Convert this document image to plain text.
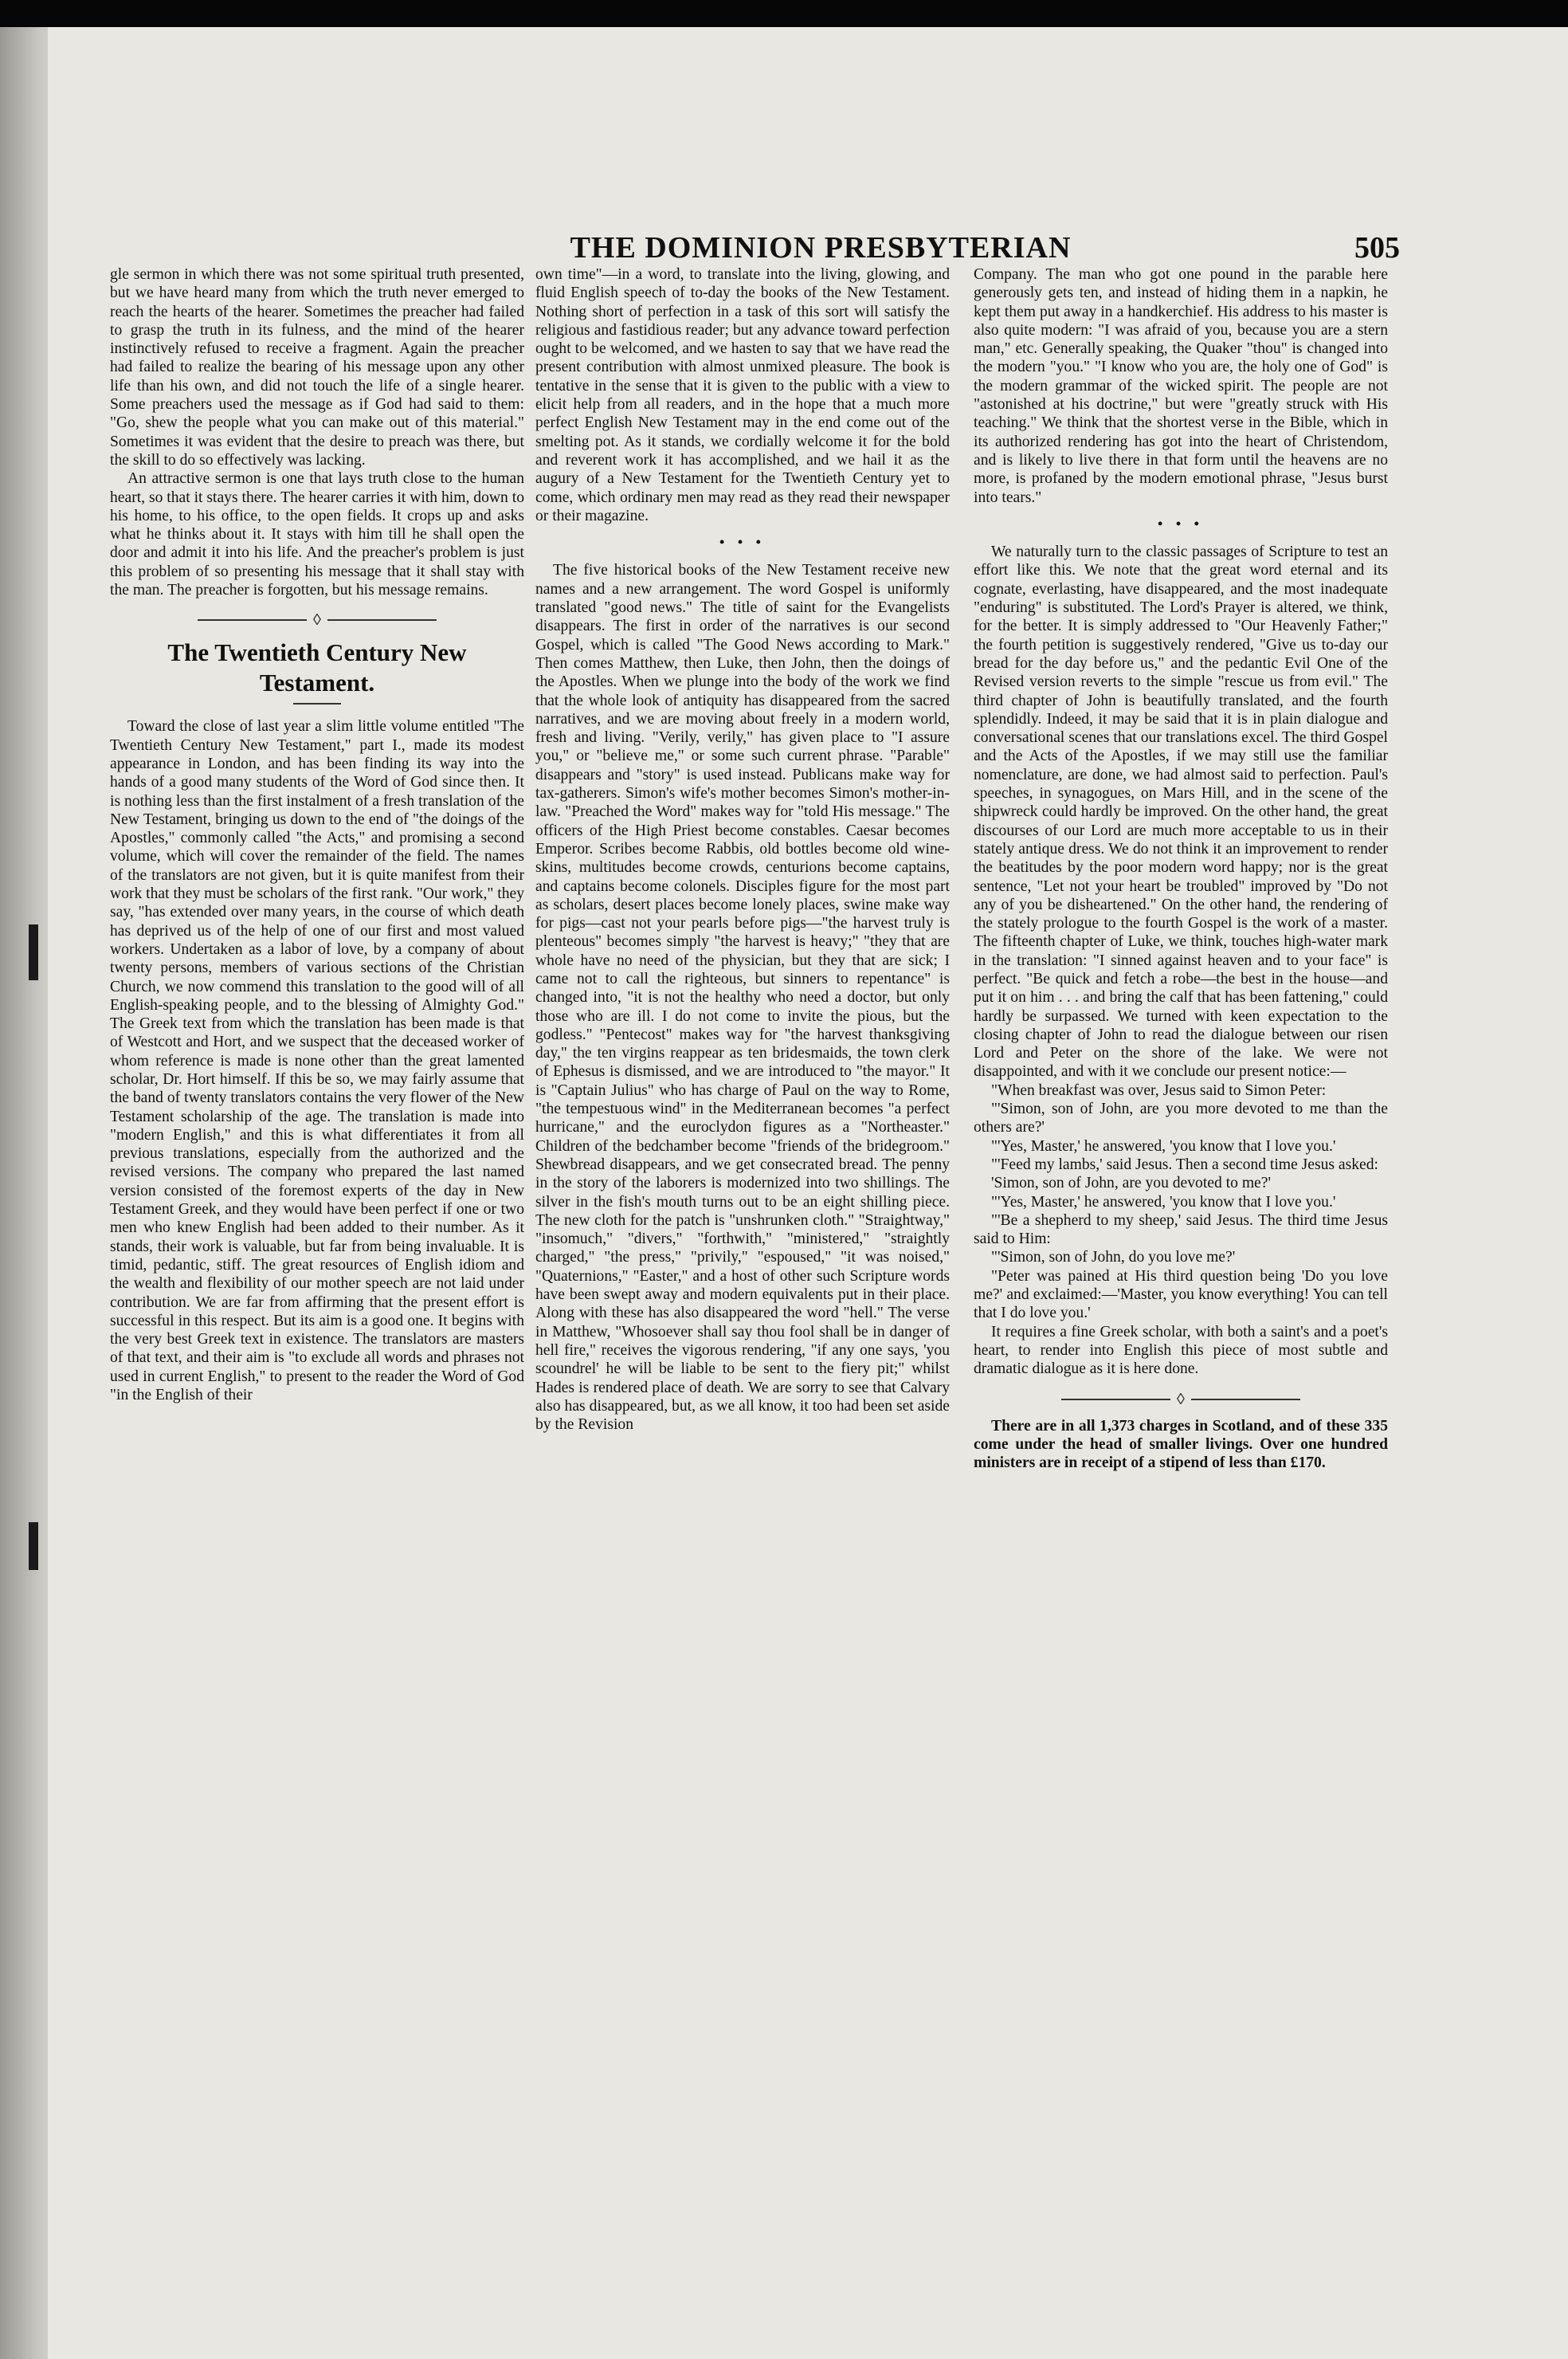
THE DOMINION PRESBYTERIAN	505

gle sermon in which there was not some spiritual truth presented, but we have heard many from which the truth never emerged to reach the hearts of the hearer. Sometimes the preacher had failed to grasp the truth in its fulness, and the mind of the hearer instinctively refused to receive a fragment. Again the preacher had failed to realize the bearing of his message upon any other life than his own, and did not touch the life of a single hearer. Some preachers used the message as if God had said to them: "Go, shew the people what you can make out of this material." Sometimes it was evident that the desire to preach was there, but the skill to do so effectively was lacking.

An attractive sermon is one that lays truth close to the human heart, so that it stays there. The hearer carries it with him, down to his home, to his office, to the open fields. It crops up and asks what he thinks about it. It stays with him till he shall open the door and admit it into his life. And the preacher's problem is just this problem of so presenting his message that it shall stay with the man. The preacher is forgotten, but his message remains.

◊
The Twentieth Century New Testament.

Toward the close of last year a slim little volume entitled "The Twentieth Century New Testament," part I., made its modest appearance in London, and has been finding its way into the hands of a good many students of the Word of God since then. It is nothing less than the first instalment of a fresh translation of the New Testament, bringing us down to the end of "the doings of the Apostles," commonly called "the Acts," and promising a second volume, which will cover the remainder of the field. The names of the translators are not given, but it is quite manifest from their work that they must be scholars of the first rank. "Our work," they say, "has extended over many years, in the course of which death has deprived us of the help of one of our first and most valued workers. Undertaken as a labor of love, by a company of about twenty persons, members of various sections of the Christian Church, we now commend this translation to the good will of all English-speaking people, and to the blessing of Almighty God." The Greek text from which the translation has been made is that of Westcott and Hort, and we suspect that the deceased worker of whom reference is made is none other than the great lamented scholar, Dr. Hort himself. If this be so, we may fairly assume that the band of twenty translators contains the very flower of the New Testament scholarship of the age. The translation is made into "modern English," and this is what differentiates it from all previous translations, especially from the authorized and the revised versions. The company who prepared the last named version consisted of the foremost experts of the day in New Testament Greek, and they would have been perfect if one or two men who knew English had been added to their number. As it stands, their work is valuable, but far from being invaluable. It is timid, pedantic, stiff. The great resources of English idiom and the wealth and flexibility of our mother speech are not laid under contribution. We are far from affirming that the present effort is successful in this respect. But its aim is a good one. It begins with the very best Greek text in existence. The translators are masters of that text, and their aim is "to exclude all words and phrases not used in current English," to present to the reader the Word of God "in the English of their

own time"—in a word, to translate into the living, glowing, and fluid English speech of to-day the books of the New Testament. Nothing short of perfection in a task of this sort will satisfy the religious and fastidious reader; but any advance toward perfection ought to be welcomed, and we hasten to say that we have read the present contribution with almost unmixed pleasure. The book is tentative in the sense that it is given to the public with a view to elicit help from all readers, and in the hope that a much more perfect English New Testament may in the end come out of the smelting pot. As it stands, we cordially welcome it for the bold and reverent work it has accomplished, and we hail it as the augury of a New Testament for the Twentieth Century yet to come, which ordinary men may read as they read their newspaper or their magazine.

• • •

The five historical books of the New Testament receive new names and a new arrangement. The word Gospel is uniformly translated "good news." The title of saint for the Evangelists disappears. The first in order of the narratives is our second Gospel, which is called "The Good News according to Mark." Then comes Matthew, then Luke, then John, then the doings of the Apostles. When we plunge into the body of the work we find that the whole look of antiquity has disappeared from the sacred narratives, and we are moving about freely in a modern world, fresh and living. "Verily, verily," has given place to "I assure you," or "believe me," or some such current phrase. "Parable" disappears and "story" is used instead. Publicans make way for tax-gatherers. Simon's wife's mother becomes Simon's mother-in-law. "Preached the Word" makes way for "told His message." The officers of the High Priest become constables. Caesar becomes Emperor. Scribes become Rabbis, old bottles become old wine-skins, multitudes become crowds, centurions become captains, and captains become colonels. Disciples figure for the most part as scholars, desert places become lonely places, swine make way for pigs—cast not your pearls before pigs—"the harvest truly is plenteous" becomes simply "the harvest is heavy;" "they that are whole have no need of the physician, but they that are sick; I came not to call the righteous, but sinners to repentance" is changed into, "it is not the healthy who need a doctor, but only those who are ill. I do not come to invite the pious, but the godless." "Pentecost" makes way for "the harvest thanksgiving day," the ten virgins reappear as ten bridesmaids, the town clerk of Ephesus is dismissed, and we are introduced to "the mayor." It is "Captain Julius" who has charge of Paul on the way to Rome, "the tempestuous wind" in the Mediterranean becomes "a perfect hurricane," and the euroclydon figures as a "Northeaster." Children of the bedchamber become "friends of the bridegroom." Shewbread disappears, and we get consecrated bread. The penny in the story of the laborers is modernized into two shillings. The silver in the fish's mouth turns out to be an eight shilling piece. The new cloth for the patch is "unshrunken cloth." "Straightway," "insomuch," "divers," "forthwith," "ministered," "straightly charged," "the press," "privily," "espoused," "it was noised," "Quaternions," "Easter," and a host of other such Scripture words have been swept away and modern equivalents put in their place. Along with these has also disappeared the word "hell." The verse in Matthew, "Whosoever shall say thou fool shall be in danger of hell fire," receives the vigorous rendering, "if any one says, 'you scoundrel' he will be liable to be sent to the fiery pit;" whilst Hades is rendered place of death. We are sorry to see that Calvary also has disappeared, but, as we all know, it too had been set aside by the Revision

Company. The man who got one pound in the parable here generously gets ten, and instead of hiding them in a napkin, he kept them put away in a handkerchief. His address to his master is also quite modern: "I was afraid of you, because you are a stern man," etc. Generally speaking, the Quaker "thou" is changed into the modern "you." "I know who you are, the holy one of God" is the modern grammar of the wicked spirit. The people are not "astonished at his doctrine," but were "greatly struck with His teaching." We think that the shortest verse in the Bible, which in its authorized rendering has got into the heart of Christendom, and is likely to live there in that form until the heavens are no more, is profaned by the modern emotional phrase, "Jesus burst into tears."

• • •

We naturally turn to the classic passages of Scripture to test an effort like this. We note that the great word eternal and its cognate, everlasting, have disappeared, and the most inadequate "enduring" is substituted. The Lord's Prayer is altered, we think, for the better. It is simply addressed to "Our Heavenly Father;" the fourth petition is suggestively rendered, "Give us to-day our bread for the day before us," and the pedantic Evil One of the Revised version reverts to the simple "rescue us from evil." The third chapter of John is beautifully translated, and the fourth splendidly. Indeed, it may be said that it is in plain dialogue and conversational scenes that our translations excel. The third Gospel and the Acts of the Apostles, if we may still use the familiar nomenclature, are done, we had almost said to perfection. Paul's speeches, in synagogues, on Mars Hill, and in the scene of the shipwreck could hardly be improved. On the other hand, the great discourses of our Lord are much more acceptable to us in their stately antique dress. We do not think it an improvement to render the beatitudes by the poor modern word happy; nor is the great sentence, "Let not your heart be troubled" improved by "Do not any of you be disheartened." On the other hand, the rendering of the stately prologue to the fourth Gospel is the work of a master. The fifteenth chapter of Luke, we think, touches high-water mark in the translation: "I sinned against heaven and to your face" is perfect. "Be quick and fetch a robe—the best in the house—and put it on him . . . and bring the calf that has been fattening," could hardly be surpassed. We turned with keen expectation to the closing chapter of John to read the dialogue between our risen Lord and Peter on the shore of the lake. We were not disappointed, and with it we conclude our present notice:—

"When breakfast was over, Jesus said to Simon Peter:

"'Simon, son of John, are you more devoted to me than the others are?'

"'Yes, Master,' he answered, 'you know that I love you.'

"'Feed my lambs,' said Jesus. Then a second time Jesus asked:

'Simon, son of John, are you devoted to me?'

"'Yes, Master,' he answered, 'you know that I love you.'

"'Be a shepherd to my sheep,' said Jesus. The third time Jesus said to Him:

"'Simon, son of John, do you love me?'

"Peter was pained at His third question being 'Do you love me?' and exclaimed:—'Master, you know everything! You can tell that I do love you.'

It requires a fine Greek scholar, with both a saint's and a poet's heart, to render into English this piece of most subtle and dramatic dialogue as it is here done.

◊

There are in all 1,373 charges in Scotland, and of these 335 come under the head of smaller livings. Over one hundred ministers are in receipt of a stipend of less than £170.
